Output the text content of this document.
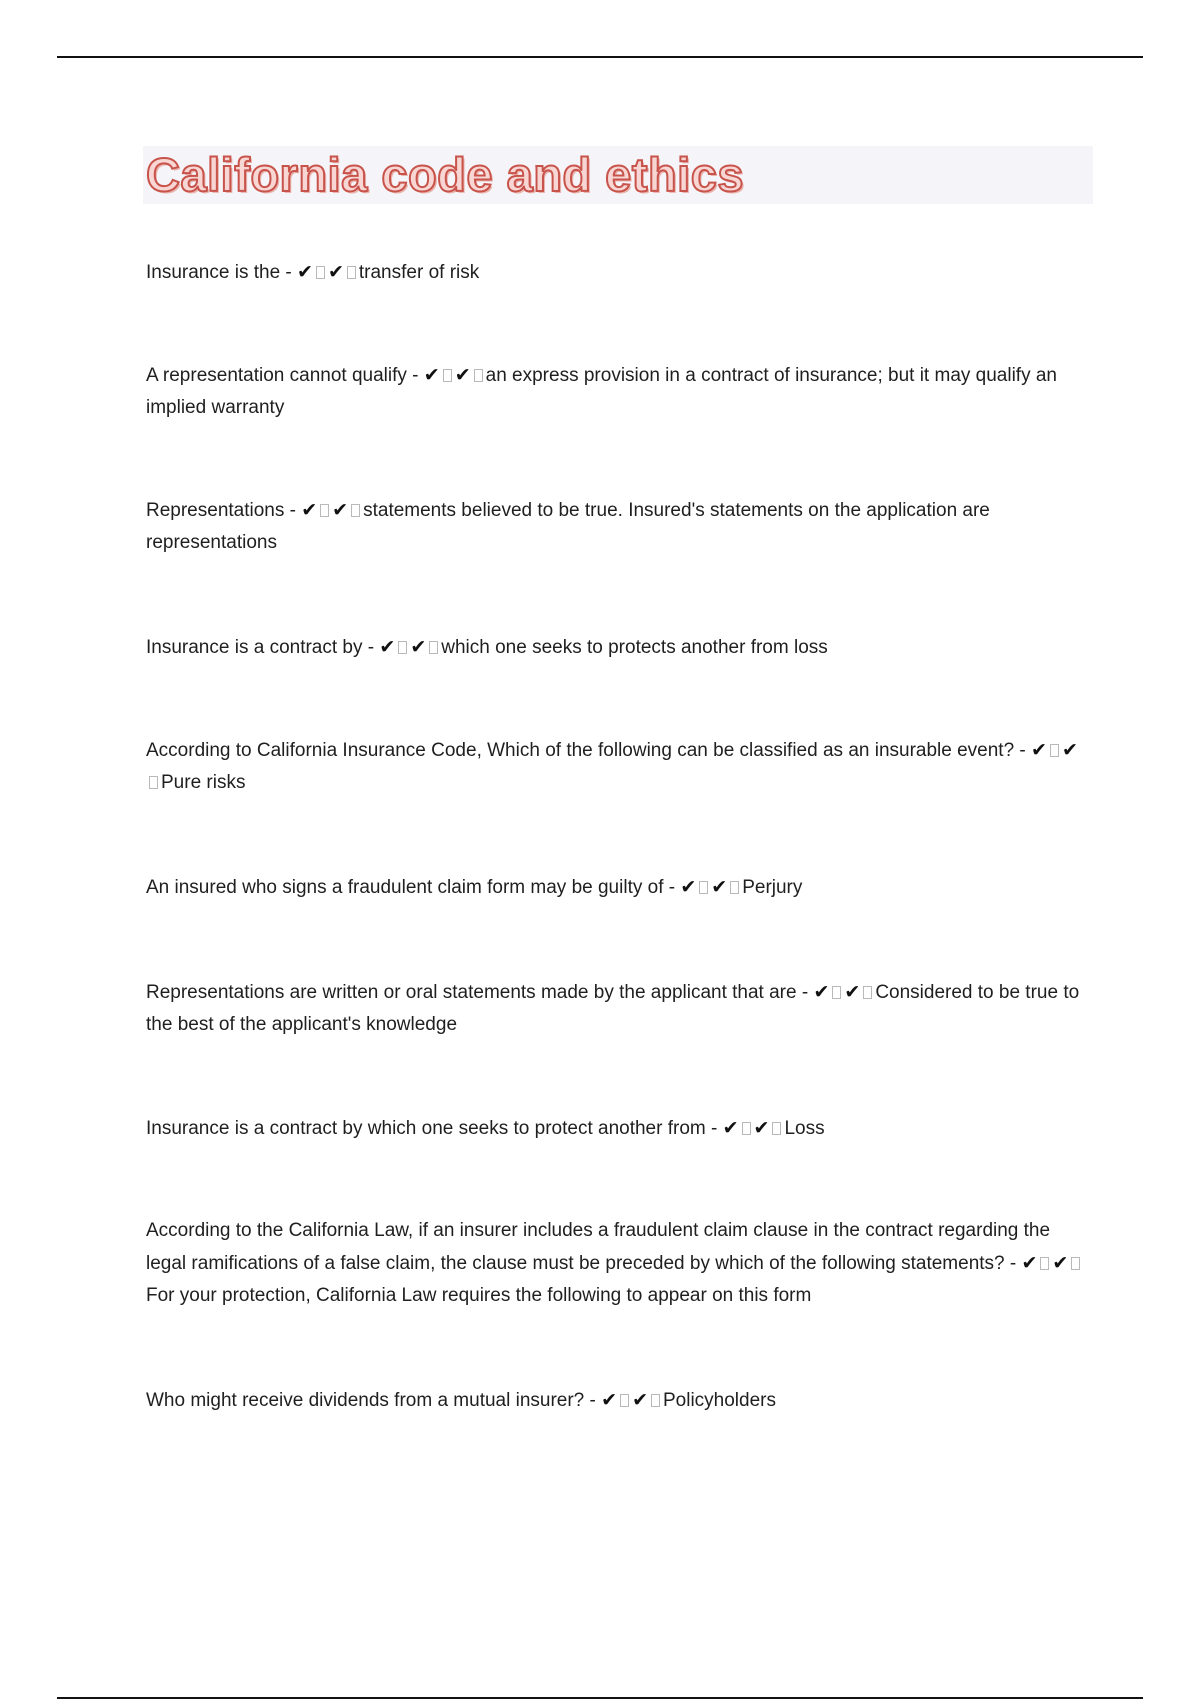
California code and ethics

Insurance is the - ✔ ✔ transfer of risk

A representation cannot qualify - ✔ ✔ an express provision in a contract of insurance; but it may qualify an implied warranty

Representations - ✔ ✔ statements believed to be true. Insured's statements on the application are representations

Insurance is a contract by - ✔ ✔ which one seeks to protects another from loss

According to California Insurance Code, Which of the following can be classified as an insurable event? - ✔ ✔Pure risks

An insured who signs a fraudulent claim form may be guilty of - ✔ ✔ Perjury

Representations are written or oral statements made by the applicant that are - ✔ ✔ Considered to be true to the best of the applicant's knowledge

Insurance is a contract by which one seeks to protect another from - ✔ ✔ Loss

According to the California Law, if an insurer includes a fraudulent claim clause in the contract regarding the legal ramifications of a false claim, the clause must be preceded by which of the following statements? - ✔ ✔For your protection, California Law requires the following to appear on this form

Who might receive dividends from a mutual insurer? - ✔ ✔ Policyholders
